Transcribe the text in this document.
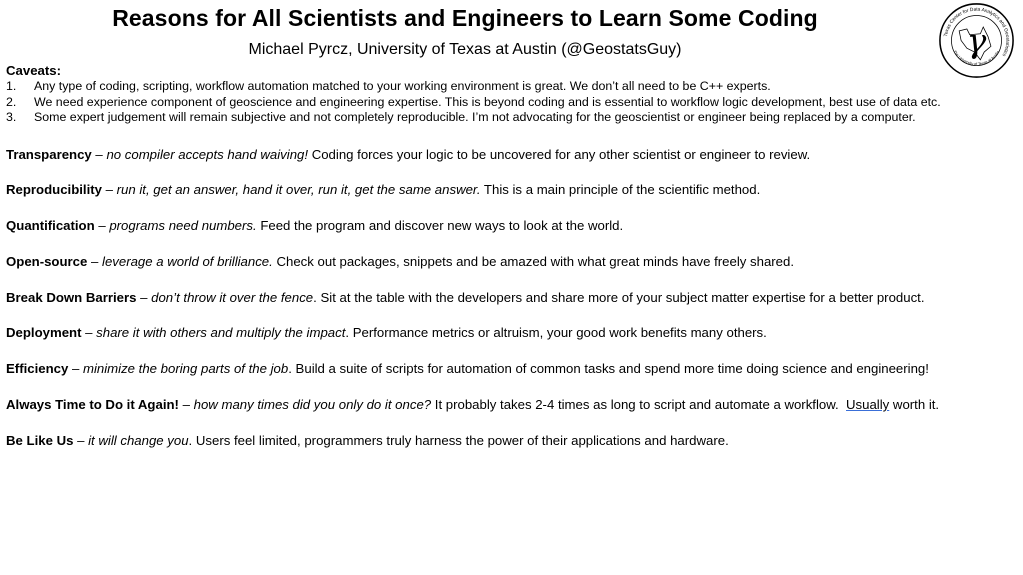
Reasons for All Scientists and Engineers to Learn Some Coding
Michael Pyrcz, University of Texas at Austin (@GeostatsGuy)
Texas Center for Data Analytics and Geostatistics
The University of Texas at Austin
γ
Caveats:
1. Any type of coding, scripting, workflow automation matched to your working environment is great. We don’t all need to be C++ experts.
2. We need experience component of geoscience and engineering expertise. This is beyond coding and is essential to workflow logic development, best use of data etc.
3. Some expert judgement will remain subjective and not completely reproducible. I’m not advocating for the geoscientist or engineer being replaced by a computer.

Transparency – no compiler accepts hand waiving! Coding forces your logic to be uncovered for any other scientist or engineer to review.

Reproducibility – run it, get an answer, hand it over, run it, get the same answer. This is a main principle of the scientific method.

Quantification – programs need numbers. Feed the program and discover new ways to look at the world.

Open-source – leverage a world of brilliance. Check out packages, snippets and be amazed with what great minds have freely shared.

Break Down Barriers – don’t throw it over the fence. Sit at the table with the developers and share more of your subject matter expertise for a better product.

Deployment – share it with others and multiply the impact. Performance metrics or altruism, your good work benefits many others.

Efficiency – minimize the boring parts of the job. Build a suite of scripts for automation of common tasks and spend more time doing science and engineering!

Always Time to Do it Again! – how many times did you only do it once? It probably takes 2-4 times as long to script and automate a workflow.  Usually worth it.

Be Like Us – it will change you. Users feel limited, programmers truly harness the power of their applications and hardware.
